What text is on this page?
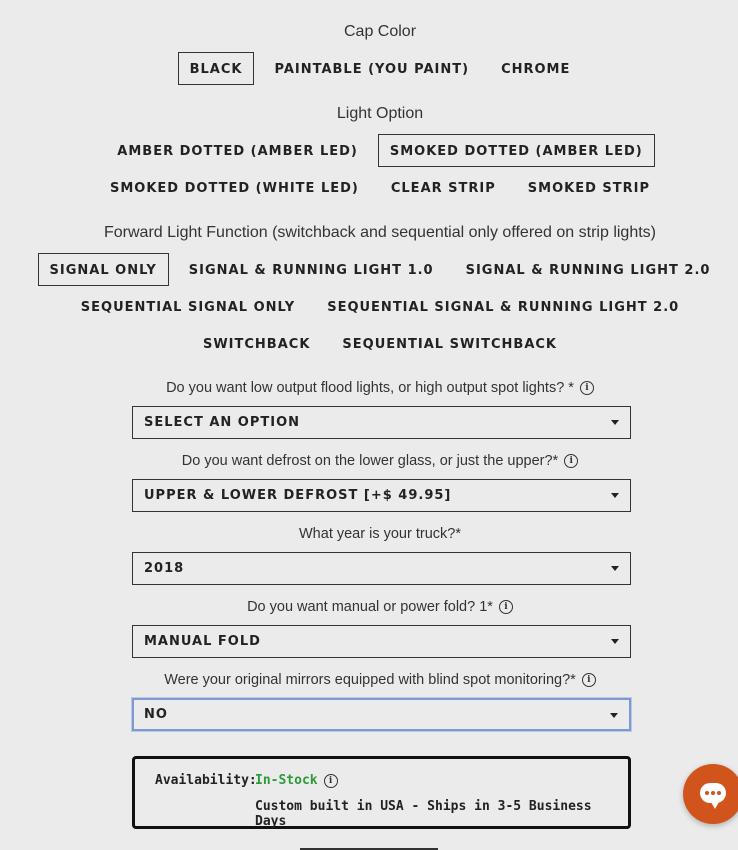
Cap Color
BLACK	PAINTABLE (YOU PAINT)	CHROME
Light Option
AMBER DOTTED (AMBER LED)	SMOKED DOTTED (AMBER LED)
SMOKED DOTTED (WHITE LED)	CLEAR STRIP	SMOKED STRIP
Forward Light Function (switchback and sequential only offered on strip lights)
SIGNAL ONLY	SIGNAL & RUNNING LIGHT 1.0	SIGNAL & RUNNING LIGHT 2.0
SEQUENTIAL SIGNAL ONLY	SEQUENTIAL SIGNAL & RUNNING LIGHT 2.0
SWITCHBACK	SEQUENTIAL SWITCHBACK
Do you want low output flood lights, or high output spot lights? * i
SELECT AN OPTION
Do you want defrost on the lower glass, or just the upper?* i
UPPER & LOWER DEFROST [+$ 49.95]
What year is your truck?*
2018
Do you want manual or power fold? 1* i
MANUAL FOLD
Were your original mirrors equipped with blind spot monitoring?* i
NO
Availability:
In-Stock i
Custom built in USA - Ships in 3-5 Business Days
